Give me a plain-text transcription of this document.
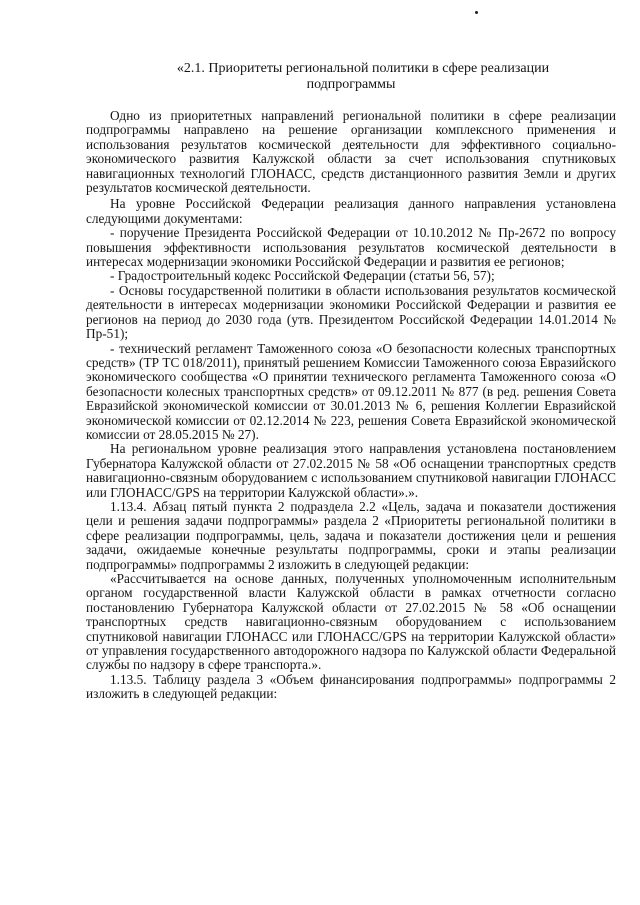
«2.1. Приоритеты региональной политики в сфере реализации
подпрограммы

Одно из приоритетных направлений региональной политики в сфере реализации подпрограммы направлено на решение организации комплексного применения и использования результатов космической деятельности для эффективного социально-экономического развития Калужской области за счет использования спутниковых навигационных технологий ГЛОНАСС, средств дистанционного развития Земли и других результатов космической деятельности.

На уровне Российской Федерации реализация данного направления установлена следующими документами:

- поручение Президента Российской Федерации от 10.10.2012 № Пр-2672 по вопросу повышения эффективности использования результатов космической деятельности в интересах модернизации экономики Российской Федерации и развития ее регионов;

- Градостроительный кодекс Российской Федерации (статьи 56, 57);

- Основы государственной политики в области использования результатов космической деятельности в интересах модернизации экономики Российской Федерации и развития ее регионов на период до 2030 года (утв. Президентом Российской Федерации 14.01.2014 № Пр-51);

- технический регламент Таможенного союза «О безопасности колесных транспортных средств» (ТР ТС 018/2011), принятый решением Комиссии Таможенного союза Евразийского экономического сообщества «О принятии технического регламента Таможенного союза «О безопасности колесных транспортных средств» от 09.12.2011 № 877 (в ред. решения Совета Евразийской экономической комиссии от 30.01.2013 № 6, решения Коллегии Евразийской экономической комиссии от 02.12.2014 № 223, решения Совета Евразийской экономической комиссии от 28.05.2015 № 27).

На региональном уровне реализация этого направления установлена постановлением Губернатора Калужской области от 27.02.2015 № 58 «Об оснащении транспортных средств навигационно-связным оборудованием с использованием спутниковой навигации ГЛОНАСС или ГЛОНАСС/GPS на территории Калужской области».».

1.13.4. Абзац пятый пункта 2 подраздела 2.2 «Цель, задача и показатели достижения цели и решения задачи подпрограммы» раздела 2 «Приоритеты региональной политики в сфере реализации подпрограммы, цель, задача и показатели достижения цели и решения задачи, ожидаемые конечные результаты подпрограммы, сроки и этапы реализации подпрограммы» подпрограммы 2 изложить в следующей редакции:

«Рассчитывается на основе данных, полученных уполномоченным исполнительным органом государственной власти Калужской области в рамках отчетности согласно постановлению Губернатора Калужской области от 27.02.2015 № 58 «Об оснащении транспортных средств навигационно-связным оборудованием с использованием спутниковой навигации ГЛОНАСС или ГЛОНАСС/GPS на территории Калужской области» от управления государственного автодорожного надзора по Калужской области Федеральной службы по надзору в сфере транспорта.».

1.13.5. Таблицу раздела 3 «Объем финансирования подпрограммы» подпрограммы 2 изложить в следующей редакции:
